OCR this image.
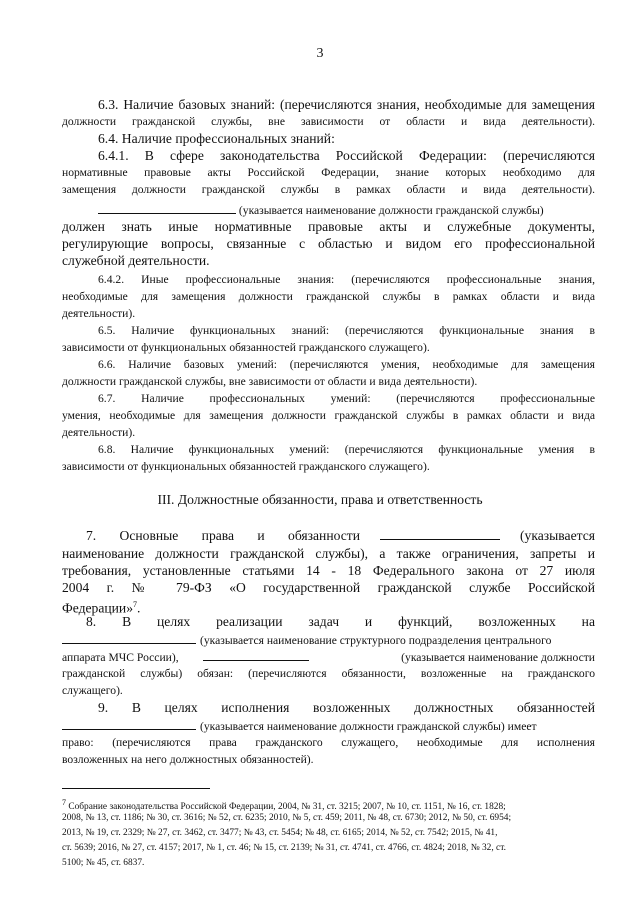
3
6.3. Наличие базовых знаний: (перечисляются знания, необходимые для замещения
должности гражданской службы, вне зависимости от области и вида деятельности).
6.4. Наличие профессиональных знаний:
6.4.1. В сфере законодательства Российской Федерации: (перечисляются
нормативные правовые акты Российской Федерации, знание которых необходимо для
замещения должности гражданской службы в рамках области и вида деятельности).
(указывается наименование должности гражданской службы)
должен знать иные нормативные правовые акты и служебные документы,
регулирующие вопросы, связанные с областью и видом его профессиональной
служебной деятельности.
6.4.2. Иные профессиональные знания: (перечисляются профессиональные знания,
необходимые для замещения должности гражданской службы в рамках области и вида
деятельности).
6.5. Наличие функциональных знаний: (перечисляются функциональные знания в
зависимости от функциональных обязанностей гражданского служащего).
6.6. Наличие базовых умений: (перечисляются умения, необходимые для замещения
должности гражданской службы, вне зависимости от области и вида деятельности).
6.7. Наличие профессиональных умений: (перечисляются профессиональные
умения, необходимые для замещения должности гражданской службы в рамках области и вида
деятельности).
6.8. Наличие функциональных умений: (перечисляются функциональные умения в
зависимости от функциональных обязанностей гражданского служащего).
III. Должностные обязанности, права и ответственность
7. Основные права и обязанности	(указывается
наименование должности гражданской службы), а также ограничения, запреты и
требования, установленные статьями 14 - 18 Федерального закона от 27 июля
2004 г. № 79-ФЗ «О государственной гражданской службе Российской
Федерации»$^7$.
8. В целях реализации задач и функций, возложенных на
(указывается наименование структурного подразделения центрального
аппарата МЧС России),	(указывается наименование должности
гражданской службы) обязан: (перечисляются обязанности, возложенные на гражданского
служащего).
9. В целях исполнения возложенных должностных обязанностей
(указывается наименование должности гражданской службы) имеет
право: (перечисляются права гражданского служащего, необходимые для исполнения
возложенных на него должностных обязанностей).
$^7$ Собрание законодательства Российской Федерации, 2004, № 31, ст. 3215; 2007, № 10, ст. 1151, № 16, ст. 1828;
2008, № 13, ст. 1186; № 30, ст. 3616; № 52, ст. 6235; 2010, № 5, ст. 459; 2011, № 48, ст. 6730; 2012, № 50, ст. 6954;
2013, № 19, ст. 2329; № 27, ст. 3462, ст. 3477; № 43, ст. 5454; № 48, ст. 6165; 2014, № 52, ст. 7542; 2015, № 41,
ст. 5639; 2016, № 27, ст. 4157; 2017, № 1, ст. 46; № 15, ст. 2139; № 31, ст. 4741, ст. 4766, ст. 4824; 2018, № 32, ст.
5100; № 45, ст. 6837.
